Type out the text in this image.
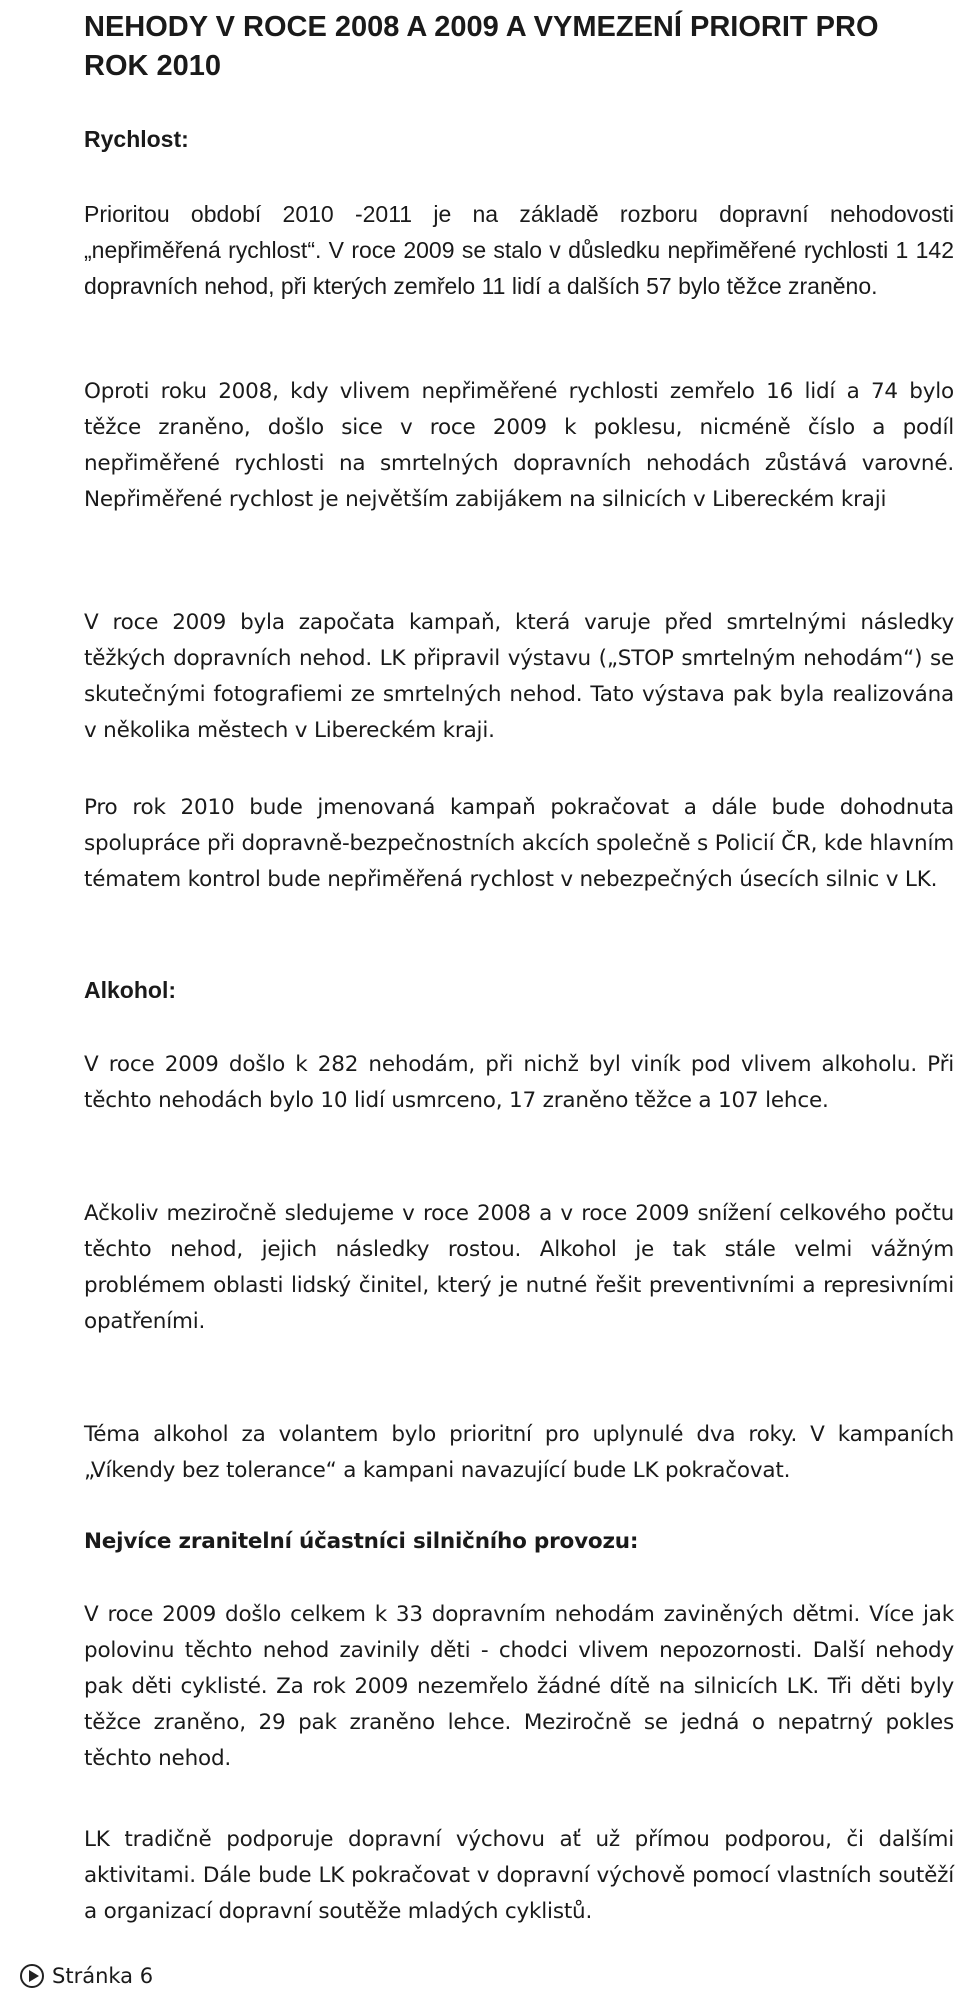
NEHODY V ROCE 2008 A 2009 A VYMEZENÍ PRIORIT PRO ROK 2010
Rychlost:

Prioritou období 2010 -2011 je na základě rozboru dopravní nehodovosti „nepřiměřená rychlost“. V roce 2009 se stalo v důsledku nepřiměřené rychlosti 1 142 dopravních nehod, při kterých zemřelo 11 lidí a dalších 57 bylo těžce zraněno.

Oproti roku 2008, kdy vlivem nepřiměřené rychlosti zemřelo 16 lidí a 74 bylo těžce zraněno, došlo sice v roce 2009 k poklesu, nicméně číslo a podíl nepřiměřené rychlosti na smrtelných dopravních nehodách zůstává varovné. Nepřiměřené rychlost je největším zabijákem na silnicích v Libereckém kraji

V roce 2009 byla započata kampaň, která varuje před smrtelnými následky těžkých dopravních nehod. LK připravil výstavu („STOP smrtelným nehodám“) se skutečnými fotografiemi ze smrtelných nehod. Tato výstava pak byla realizována v několika městech v Libereckém kraji.

Pro rok 2010 bude jmenovaná kampaň pokračovat a dále bude dohodnuta spolupráce při dopravně-bezpečnostních akcích společně s Policií ČR, kde hlavním tématem kontrol bude nepřiměřená rychlost v nebezpečných úsecích silnic v LK.

Alkohol:

V roce 2009 došlo k 282 nehodám, při nichž byl viník pod vlivem alkoholu. Při těchto nehodách bylo 10 lidí usmrceno, 17 zraněno těžce a 107 lehce.

Ačkoliv meziročně sledujeme v roce 2008 a v roce 2009 snížení celkového počtu těchto nehod, jejich následky rostou. Alkohol je tak stále velmi vážným problémem oblasti lidský činitel, který je nutné řešit preventivními a represivními opatřeními.

Téma alkohol za volantem bylo prioritní pro uplynulé dva roky. V kampaních „Víkendy bez tolerance“ a kampani navazující bude LK pokračovat.

Nejvíce zranitelní účastníci silničního provozu:

V roce 2009 došlo celkem k 33 dopravním nehodám zaviněných dětmi. Více jak polovinu těchto nehod zavinily děti - chodci vlivem nepozornosti. Další nehody pak děti cyklisté. Za rok 2009 nezemřelo žádné dítě na silnicích LK. Tři děti byly těžce zraněno, 29 pak zraněno lehce. Meziročně se jedná o nepatrný pokles těchto nehod.

LK tradičně podporuje dopravní výchovu ať už přímou podporou, či dalšími aktivitami. Dále bude LK pokračovat v dopravní výchově pomocí vlastních soutěží a organizací dopravní soutěže mladých cyklistů.

Stránka 6
